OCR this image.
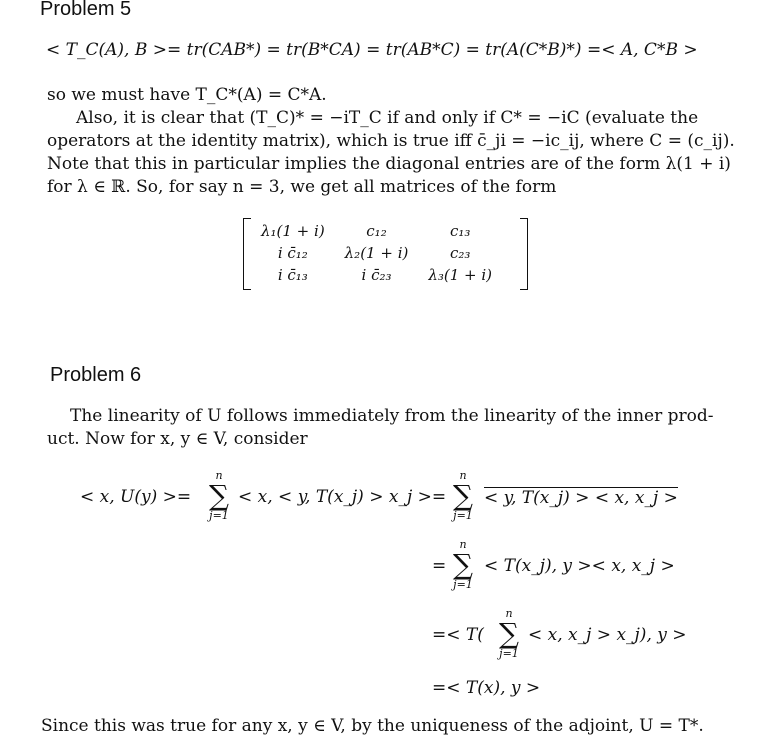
Problem 5
< T_C(A), B >= tr(CAB*) = tr(B*CA) = tr(AB*C) = tr(A(C*B)*) =< A, C*B >
so we must have T_C*(A) = C*A.
Also, it is clear that (T_C)* = −iT_C if and only if C* = −iC (evaluate the
operators at the identity matrix), which is true iff c̄_ji = −ic_ij, where C = (c_ij).
Note that this in particular implies the diagonal entries are of the form λ(1 + i)
for λ ∈ ℝ. So, for say n = 3, we get all matrices of the form
λ₁(1 + i)	c₁₂	c₁₃
i c̄₁₂	λ₂(1 + i)	c₂₃
i c̄₁₃	i c̄₂₃	λ₃(1 + i)
Problem 6
The linearity of U follows immediately from the linearity of the inner prod-
uct. Now for x, y ∈ V, consider
< x, U(y) >=
n
∑
j=1
< x, < y, T(x_j) > x_j >=
n
∑
j=1
< y, T(x_j) > < x, x_j >
=
n
∑
j=1
< T(x_j), y >< x, x_j >
=< T(
n
∑
j=1
< x, x_j > x_j), y >
=< T(x), y >
Since this was true for any x, y ∈ V, by the uniqueness of the adjoint, U = T*.
